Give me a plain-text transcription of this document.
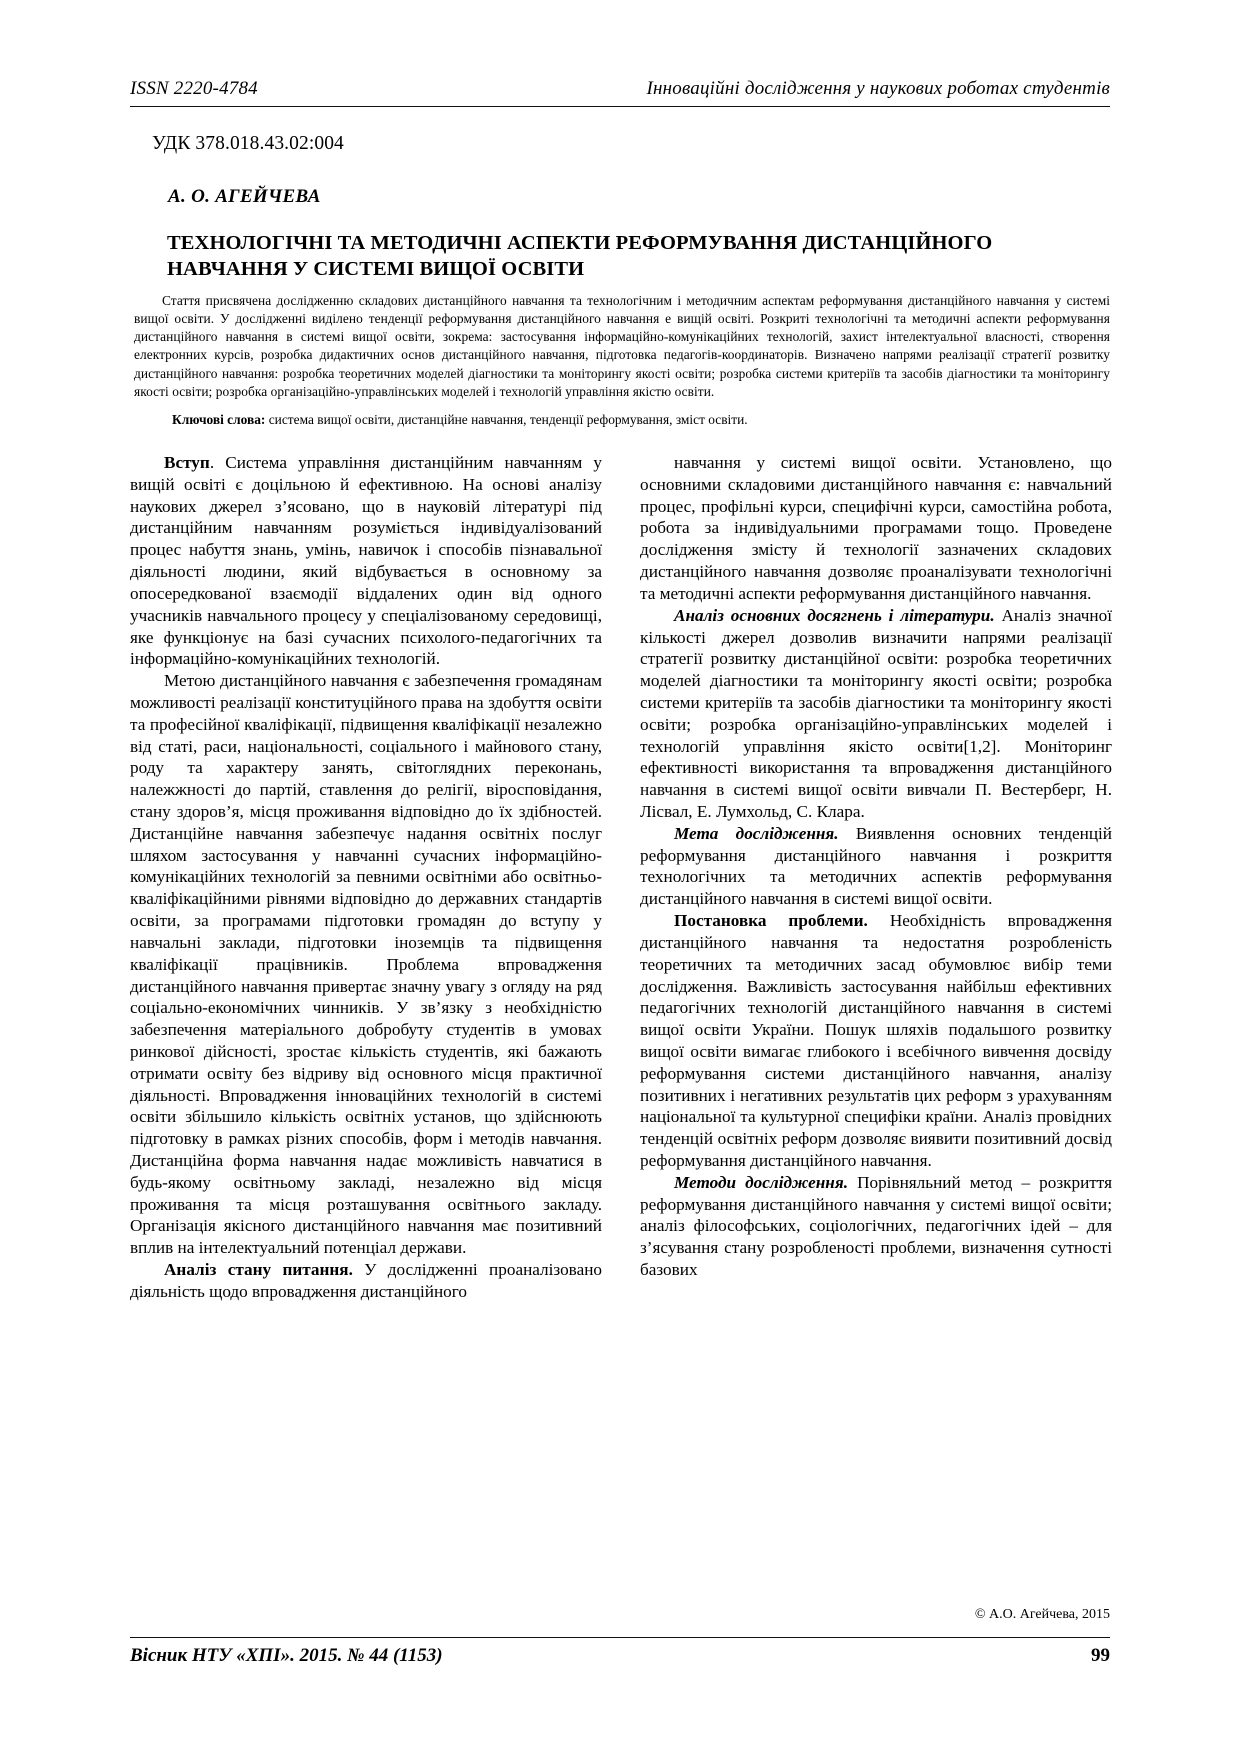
ISSN 2220-4784	Інноваційні дослідження у наукових роботах студентів
УДК 378.018.43.02:004
А. О. АГЕЙЧЕВА
ТЕХНОЛОГІЧНІ ТА МЕТОДИЧНІ АСПЕКТИ РЕФОРМУВАННЯ ДИСТАНЦІЙНОГО НАВЧАННЯ У СИСТЕМІ ВИЩОЇ ОСВІТИ
Стаття присвячена дослідженню складових дистанційного навчання та технологічним і методичним аспектам реформування дистанційного навчання у системі вищої освіти. У дослідженні виділено тенденції реформування дистанційного навчання е вищій освіті. Розкриті технологічні та методичні аспекти реформування дистанційного навчання в системі вищої освіти, зокрема: застосування інформаційно-комунікаційних технологій, захист інтелектуальної власності, створення електронних курсів, розробка дидактичних основ дистанційного навчання, підготовка педагогів-координаторів. Визначено напрями реалізації стратегії розвитку дистанційного навчання: розробка теоретичних моделей діагностики та моніторингу якості освіти; розробка системи критеріїв та засобів діагностики та моніторингу якості освіти; розробка організаційно-управлінських моделей і технологій управління якістю освіти.
Ключові слова: система вищої освіти, дистанційне навчання, тенденції реформування, зміст освіти.

Вступ. Система управління дистанційним навчанням у вищій освіті є доцільною й ефективною. На основі аналізу наукових джерел з’ясовано, що в науковій літературі під дистанційним навчанням розуміється індивідуалізований процес набуття знань, умінь, навичок і способів пізнавальної діяльності людини, який відбувається в основному за опосередкованої взаємодії віддалених один від одного учасників навчального процесу у спеціалізованому середовищі, яке функціонує на базі сучасних психолого-педагогічних та інформаційно-комунікаційних технологій.

Метою дистанційного навчання є забезпечення громадянам можливості реалізації конституційного права на здобуття освіти та професійної кваліфікації, підвищення кваліфікації незалежно від статі, раси, національності, соціального і майнового стану, роду та характеру занять, світоглядних переконань, належжності до партій, ставлення до релігії, віросповідання, стану здоров’я, місця проживання відповідно до їх здібностей. Дистанційне навчання забезпечує надання освітніх послуг шляхом застосування у навчанні сучасних інформаційно-комунікаційних технологій за певними освітніми або освітньо-кваліфікаційними рівнями відповідно до державних стандартів освіти, за програмами підготовки громадян до вступу у навчальні заклади, підготовки іноземців та підвищення кваліфікації працівників. Проблема впровадження дистанційного навчання привертає значну увагу з огляду на ряд соціально-економічних чинників. У зв’язку з необхідністю забезпечення матеріального добробуту студентів в умовах ринкової дійсності, зростає кількість студентів, які бажають отримати освіту без відриву від основного місця практичної діяльності. Впровадження інноваційних технологій в системі освіти збільшило кількість освітніх установ, що здійснюють підготовку в рамках різних способів, форм і методів навчання. Дистанційна форма навчання надає можливість навчатися в будь-якому освітньому закладі, незалежно від місця проживання та місця розташування освітнього закладу. Організація якісного дистанційного навчання має позитивний вплив на інтелектуальний потенціал держави.

Аналіз стану питання. У дослідженні проаналізовано діяльність щодо впровадження дистанційного

навчання у системі вищої освіти. Установлено, що основними складовими дистанційного навчання є: навчальний процес, профільні курси, специфічні курси, самостійна робота, робота за індивідуальними програмами тощо. Проведене дослідження змісту й технології зазначених складових дистанційного навчання дозволяє проаналізувати технологічні та методичні аспекти реформування дистанційного навчання.

Аналіз основних досягнень і літератури. Аналіз значної кількості джерел дозволив визначити напрями реалізації стратегії розвитку дистанційної освіти: розробка теоретичних моделей діагностики та моніторингу якості освіти; розробка системи критеріїв та засобів діагностики та моніторингу якості освіти; розробка організаційно-управлінських моделей і технологій управління якісто освіти[1,2]. Моніторинг ефективності використання та впровадження дистанційного навчання в системі вищої освіти вивчали П. Вестерберг, Н. Лісвал, Е. Лумхольд, С. Клара.

Мета дослідження. Виявлення основних тенденцій реформування дистанційного навчання і розкриття технологічних та методичних аспектів реформування дистанційного навчання в системі вищої освіти.

Постановка проблеми. Необхідність впровадження дистанційного навчання та недостатня розробленість теоретичних та методичних засад обумовлює вибір теми дослідження. Важливість застосування найбільш ефективних педагогічних технологій дистанційного навчання в системі вищої освіти України. Пошук шляхів подальшого розвитку вищої освіти вимагає глибокого і всебічного вивчення досвіду реформування системи дистанційного навчання, аналізу позитивних і негативних результатів цих реформ з урахуванням національної та культурної специфіки країни. Аналіз провідних тенденцій освітніх реформ дозволяє виявити позитивний досвід реформування дистанційного навчання.

Методи дослідження. Порівняльний метод – розкриття реформування дистанційного навчання у системі вищої освіти; аналіз філософських, соціологічних, педагогічних ідей – для з’ясування стану розробленості проблеми, визначення сутності базових

© А.О. Агейчева, 2015
Вісник НТУ «ХПІ». 2015. № 44 (1153)	99
